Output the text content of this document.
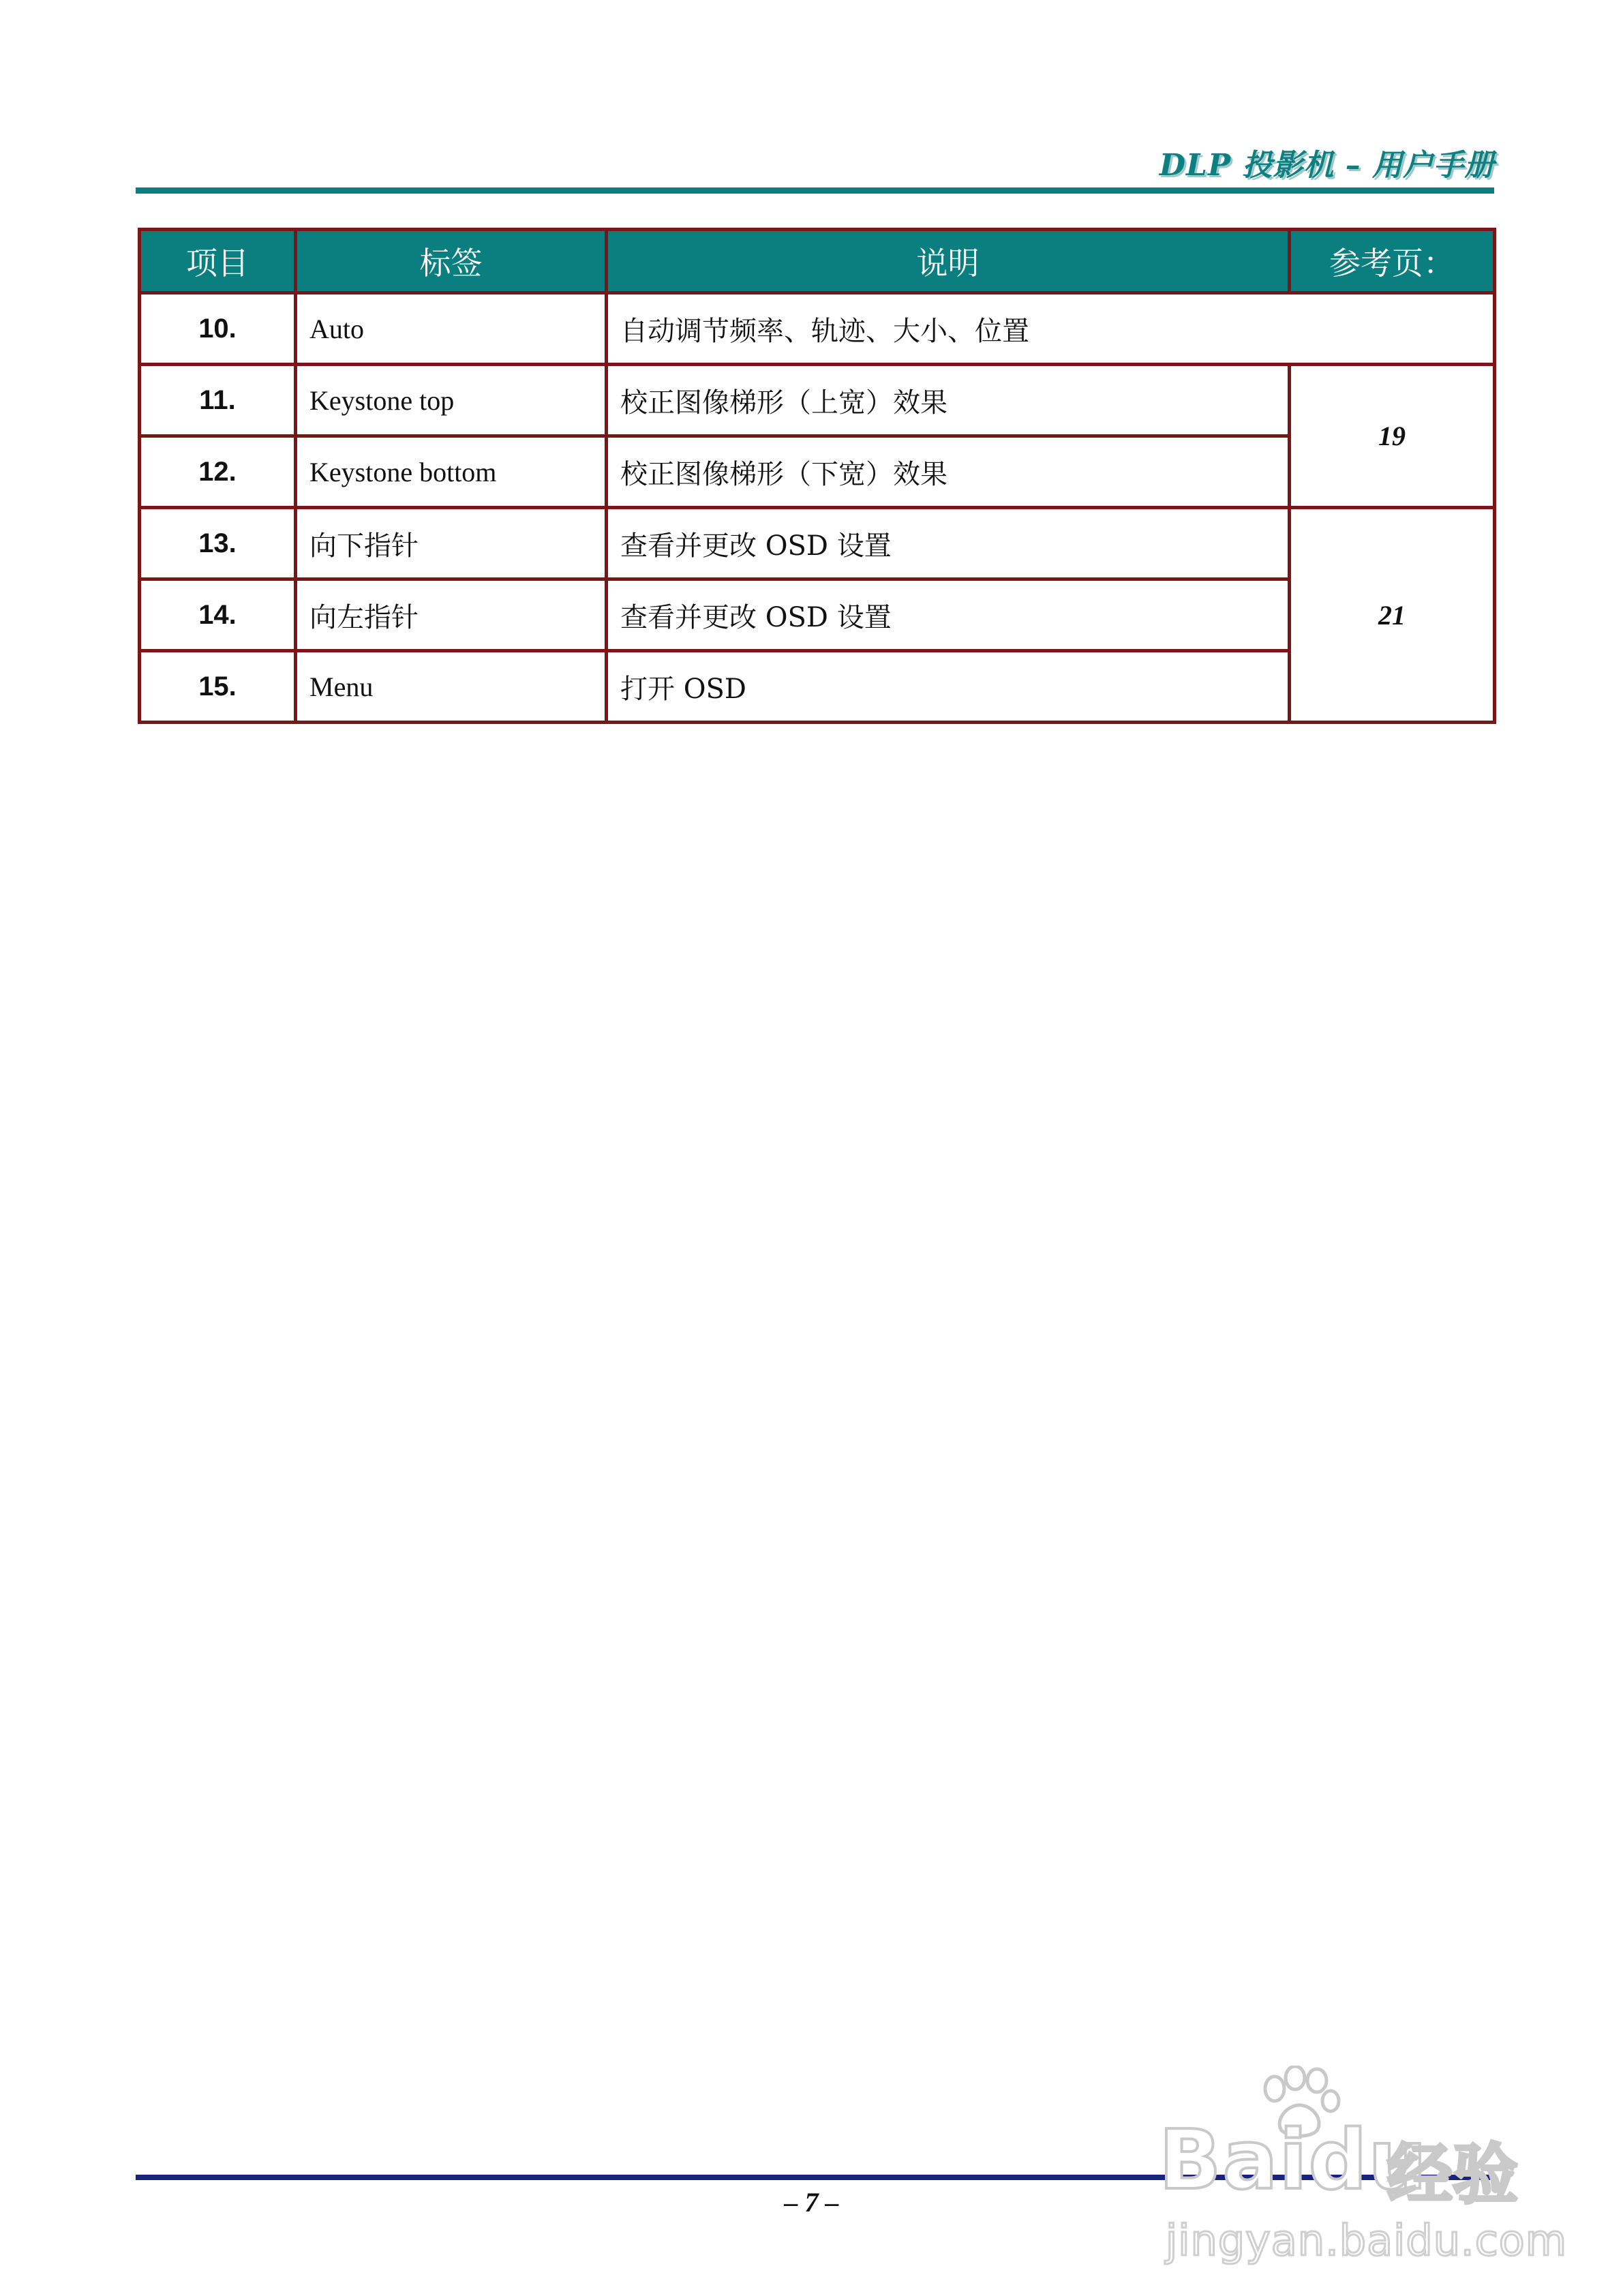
DLP 投影机 – 用户手册
项目	标签	说明	参考页：
10.	Auto	自动调节频率、轨迹、大小、位置	
11.	Keystone top	校正图像梯形（上宽）效果	19
12.	Keystone bottom	校正图像梯形（下宽）效果	
13.	向下指针	查看并更改 OSD 设置	21
14.	向左指针	查看并更改 OSD 设置	
15.	Menu	打开 OSD	
– 7 –	Baidu
经验
jingyan.baidu.com
